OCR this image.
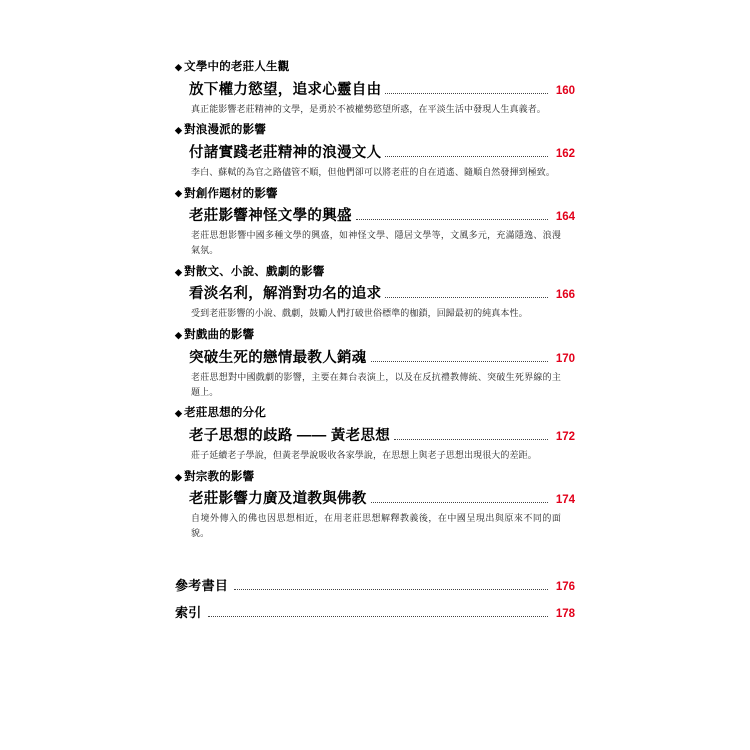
◆ 文學中的老莊人生觀
放下權力慾望，追求心靈自由	160
真正能影響老莊精神的文學，是勇於不被權勢慾望所惑，在平淡生活中發現人生真義者。
◆ 對浪漫派的影響
付諸實踐老莊精神的浪漫文人	162
李白、蘇軾的為官之路儘管不順，但他們卻可以將老莊的自在逍遙、隨順自然發揮到極致。
◆ 對創作題材的影響
老莊影響神怪文學的興盛	164
老莊思想影響中國多種文學的興盛，如神怪文學、隱居文學等，文風多元，充滿隱逸、浪漫氣氛。
◆ 對散文、小說、戲劇的影響
看淡名利，解消對功名的追求	166
受到老莊影響的小說、戲劇，鼓勵人們打破世俗標準的枷鎖，回歸最初的純真本性。
◆ 對戲曲的影響
突破生死的戀情最教人銷魂	170
老莊思想對中國戲劇的影響，主要在舞台表演上，以及在反抗禮教傳統、突破生死界線的主題上。
◆ 老莊思想的分化
老子思想的歧路 —— 黃老思想	172
莊子延續老子學說，但黃老學說吸收各家學說，在思想上與老子思想出現很大的差距。
◆ 對宗教的影響
老莊影響力廣及道教與佛教	174
自境外傳入的佛也因思想相近，在用老莊思想解釋教義後，在中國呈現出與原來不同的面貌。
參考書目	176
索引	178
